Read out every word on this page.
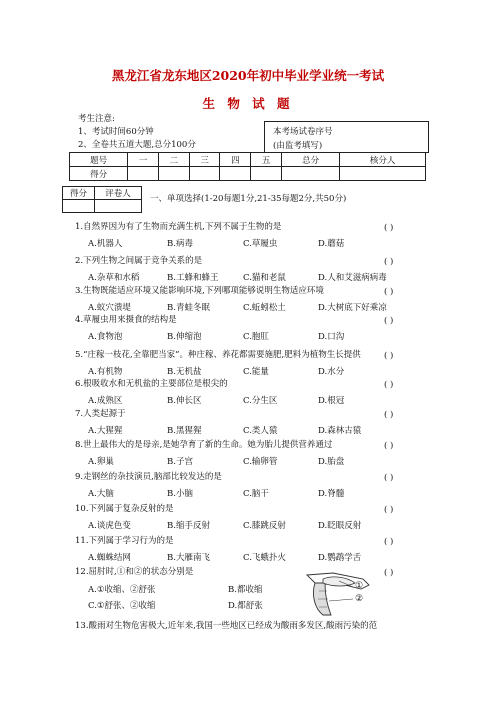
黑龙江省龙东地区2020年初中毕业学业统一考试
生 物 试 题
考生注意:
1、考试时间60分钟
2、全卷共五道大题,总分100分
本考场试卷序号
(由监考填写)
题号	一	二	三	四	五	总分	核分人
得分							
得分	评卷人
	一、单项选择(1-20每题1分,21-35每题2分,共50分)
1.自然界因为有了生物而充满生机,下列不属于生物的是	( )
A.机器人	B.病毒	C.草履虫	D.蘑菇
2.下列生物之间属于竞争关系的是	( )
A.杂草和水稻	B.工蜂和蜂王	C.猫和老鼠	D.人和艾滋病病毒
3.生物既能适应环境又能影响环境,下列哪项能够说明生物适应环境	( )
A.蚁穴溃堤	B.青蛙冬眠	C.蚯蚓松土	D.大树底下好乘凉
4.草履虫用来摄食的结构是	( )
A.食物泡	B.伸缩泡	C.胞肛	D.口沟
5.“庄稼一枝花,全靠肥当家”。种庄稼、养花都需要施肥,肥料为植物生长提供	( )
A.有机物	B.无机盐	C.能量	D.水分
6.根吸收水和无机盐的主要部位是根尖的	( )
A.成熟区	B.伸长区	C.分生区	D.根冠
7.人类起源于	( )
A.大猩猩	B.黑猩猩	C.类人猿	D.森林古猿
8.世上最伟大的是母亲,是她孕育了新的生命。她为胎儿提供营养通过	( )
A.卵巢	B.子宫	C.输卵管	D.胎盘
9.走钢丝的杂技演员,脑部比较发达的是	( )
A.大脑	B.小脑	C.脑干	D.脊髓
10.下列属于复杂反射的是	( )
A.谈虎色变	B.缩手反射	C.膝跳反射	D.眨眼反射
11.下列属于学习行为的是	( )
A.蜘蛛结网	B.大雁南飞	C.飞蛾扑火	D.鹦鹉学舌
12.屈肘时,①和②的状态分别是	( )
A.①收缩、②舒张	B.都收缩
C.①舒张、②收缩	D.都舒张
13.酸雨对生物危害极大,近年来,我国一些地区已经成为酸雨多发区,酸雨污染的范
①
②
